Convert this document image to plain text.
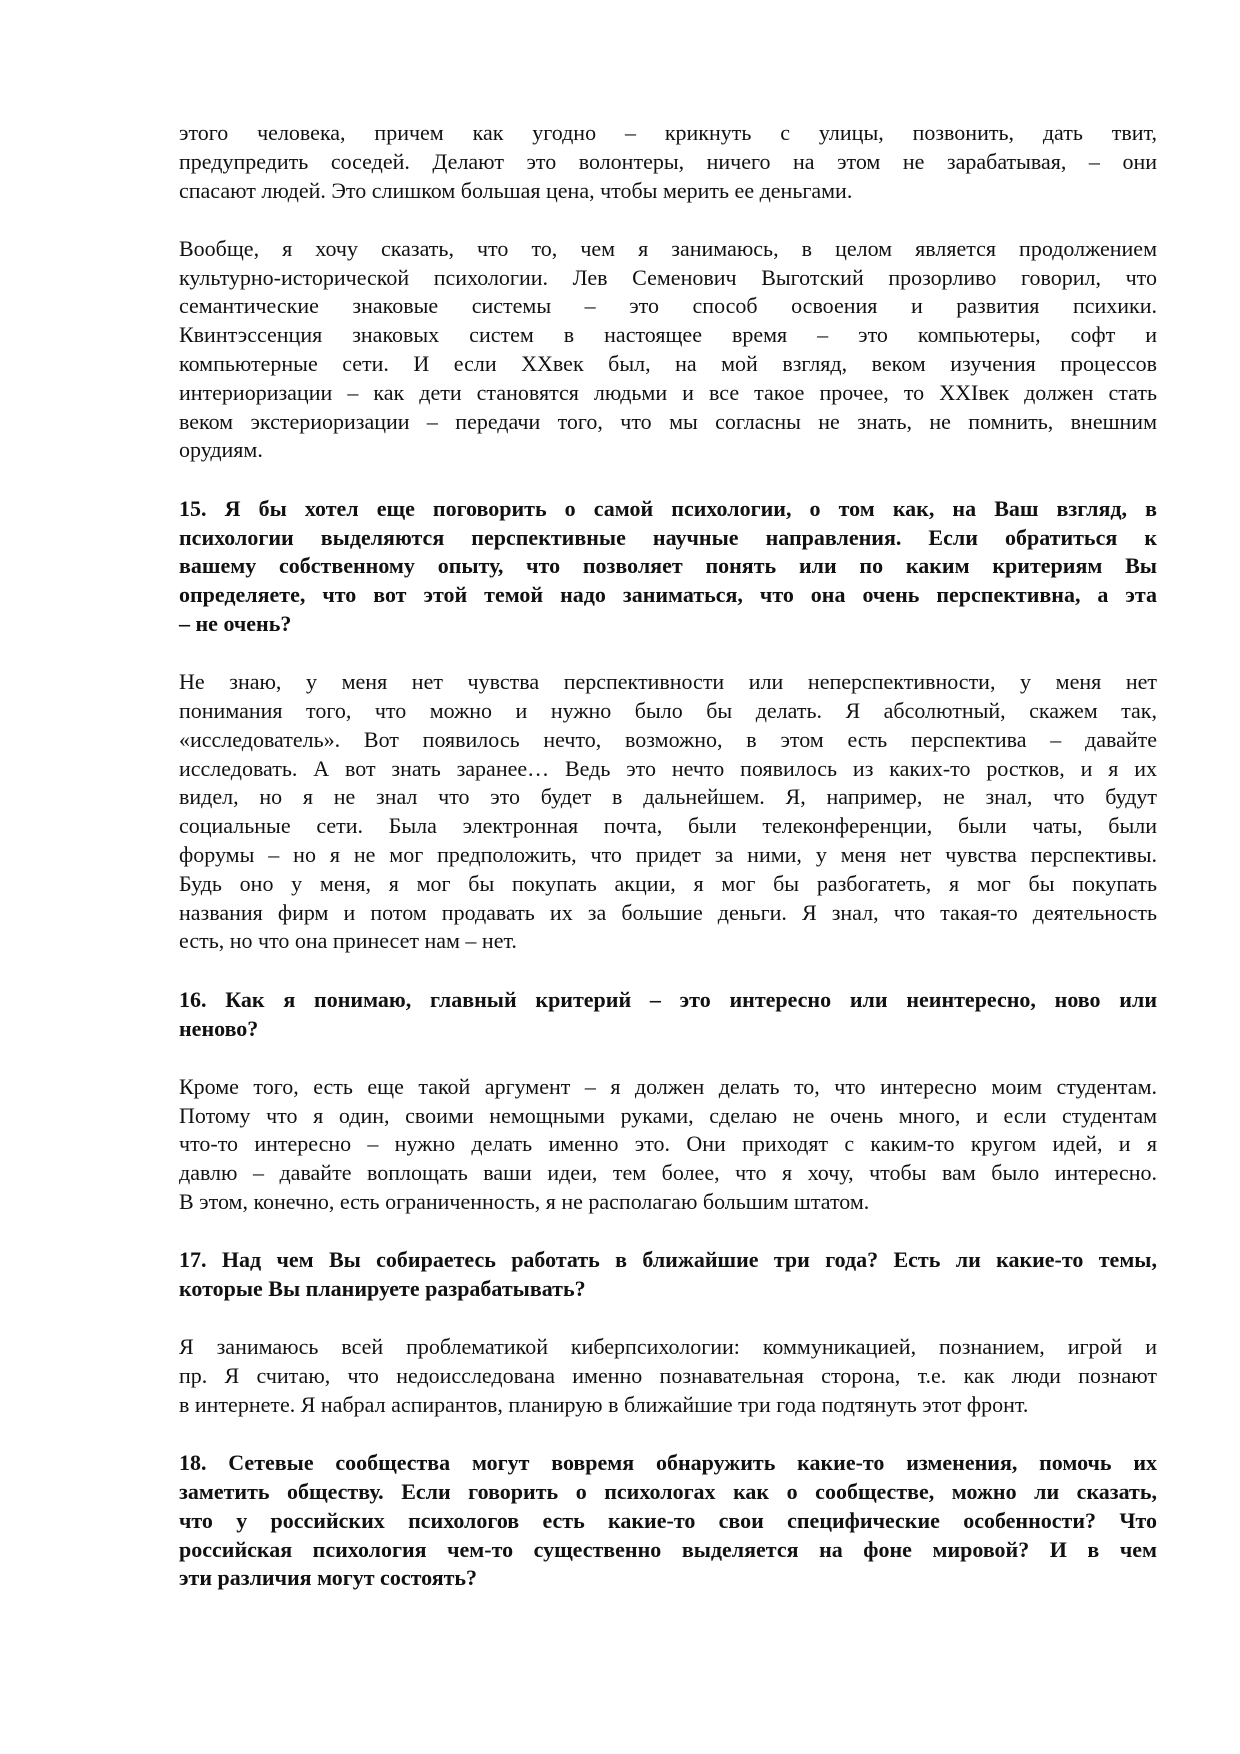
этого человека, причем как угодно – крикнуть с улицы, позвонить, дать твит,
предупредить соседей. Делают это волонтеры, ничего на этом не зарабатывая, – они
спасают людей. Это слишком большая цена, чтобы мерить ее деньгами.
Вообще, я хочу сказать, что то, чем я занимаюсь, в целом является продолжением
культурно-исторической психологии. Лев Семенович Выготский прозорливо говорил, что
семантические знаковые системы – это способ освоения и развития психики.
Квинтэссенция знаковых систем в настоящее время – это компьютеры, софт и
компьютерные сети. И если XXвек был, на мой взгляд, веком изучения процессов
интериоризации – как дети становятся людьми и все такое прочее, то XXIвек должен стать
веком экстериоризации – передачи того, что мы согласны не знать, не помнить, внешним
орудиям.
15. Я бы хотел еще поговорить о самой психологии, о том как, на Ваш взгляд, в
психологии выделяются перспективные научные направления. Если обратиться к
вашему собственному опыту, что позволяет понять или по каким критериям Вы
определяете, что вот этой темой надо заниматься, что она очень перспективна, а эта
– не очень?
Не знаю, у меня нет чувства перспективности или неперспективности, у меня нет
понимания того, что можно и нужно было бы делать. Я абсолютный, скажем так,
«исследователь». Вот появилось нечто, возможно, в этом есть перспектива – давайте
исследовать. А вот знать заранее… Ведь это нечто появилось из каких-то ростков, и я их
видел, но я не знал что это будет в дальнейшем. Я, например, не знал, что будут
социальные сети. Была электронная почта, были телеконференции, были чаты, были
форумы – но я не мог предположить, что придет за ними, у меня нет чувства перспективы.
Будь оно у меня, я мог бы покупать акции, я мог бы разбогатеть, я мог бы покупать
названия фирм и потом продавать их за большие деньги. Я знал, что такая-то деятельность
есть, но что она принесет нам – нет.
16. Как я понимаю, главный критерий – это интересно или неинтересно, ново или
неново?
Кроме того, есть еще такой аргумент – я должен делать то, что интересно моим студентам.
Потому что я один, своими немощными руками, сделаю не очень много, и если студентам
что-то интересно – нужно делать именно это. Они приходят с каким-то кругом идей, и я
давлю – давайте воплощать ваши идеи, тем более, что я хочу, чтобы вам было интересно.
В этом, конечно, есть ограниченность, я не располагаю большим штатом.
17. Над чем Вы собираетесь работать в ближайшие три года? Есть ли какие-то темы,
которые Вы планируете разрабатывать?
Я занимаюсь всей проблематикой киберпсихологии: коммуникацией, познанием, игрой и
пр. Я считаю, что недоисследована именно познавательная сторона, т.е. как люди познают
в интернете. Я набрал аспирантов, планирую в ближайшие три года подтянуть этот фронт.
18. Сетевые сообщества могут вовремя обнаружить какие-то изменения, помочь их
заметить обществу. Если говорить о психологах как о сообществе, можно ли сказать,
что у российских психологов есть какие-то свои специфические особенности? Что
российская психология чем-то существенно выделяется на фоне мировой? И в чем
эти различия могут состоять?
